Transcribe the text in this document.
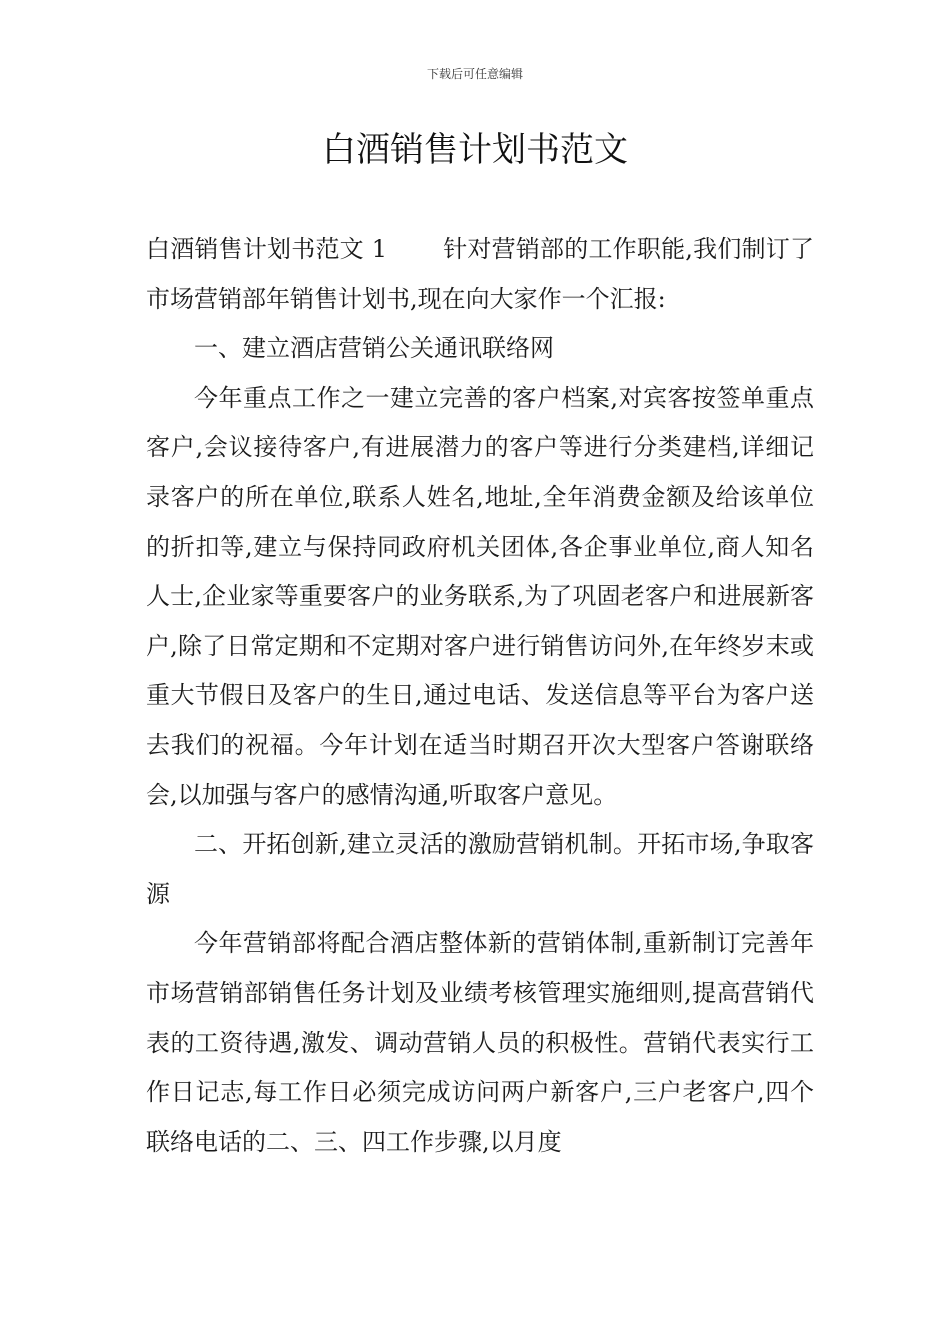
下载后可任意编辑
白酒销售计划书范文

白酒销售计划书范文 1 针对营销部的工作职能,我们制订了市场营销部年销售计划书,现在向大家作一个汇报:

一、建立酒店营销公关通讯联络网

今年重点工作之一建立完善的客户档案,对宾客按签单重点客户,会议接待客户,有进展潜力的客户等进行分类建档,详细记录客户的所在单位,联系人姓名,地址,全年消费金额及给该单位的折扣等,建立与保持同政府机关团体,各企事业单位,商人知名人士,企业家等重要客户的业务联系,为了巩固老客户和进展新客户,除了日常定期和不定期对客户进行销售访问外,在年终岁末或重大节假日及客户的生日,通过电话、发送信息等平台为客户送去我们的祝福。今年计划在适当时期召开次大型客户答谢联络会,以加强与客户的感情沟通,听取客户意见。

二、开拓创新,建立灵活的激励营销机制。开拓市场,争取客源

今年营销部将配合酒店整体新的营销体制,重新制订完善年市场营销部销售任务计划及业绩考核管理实施细则,提高营销代表的工资待遇,激发、调动营销人员的积极性。营销代表实行工作日记志,每工作日必须完成访问两户新客户,三户老客户,四个联络电话的二、三、四工作步骤,以月度
